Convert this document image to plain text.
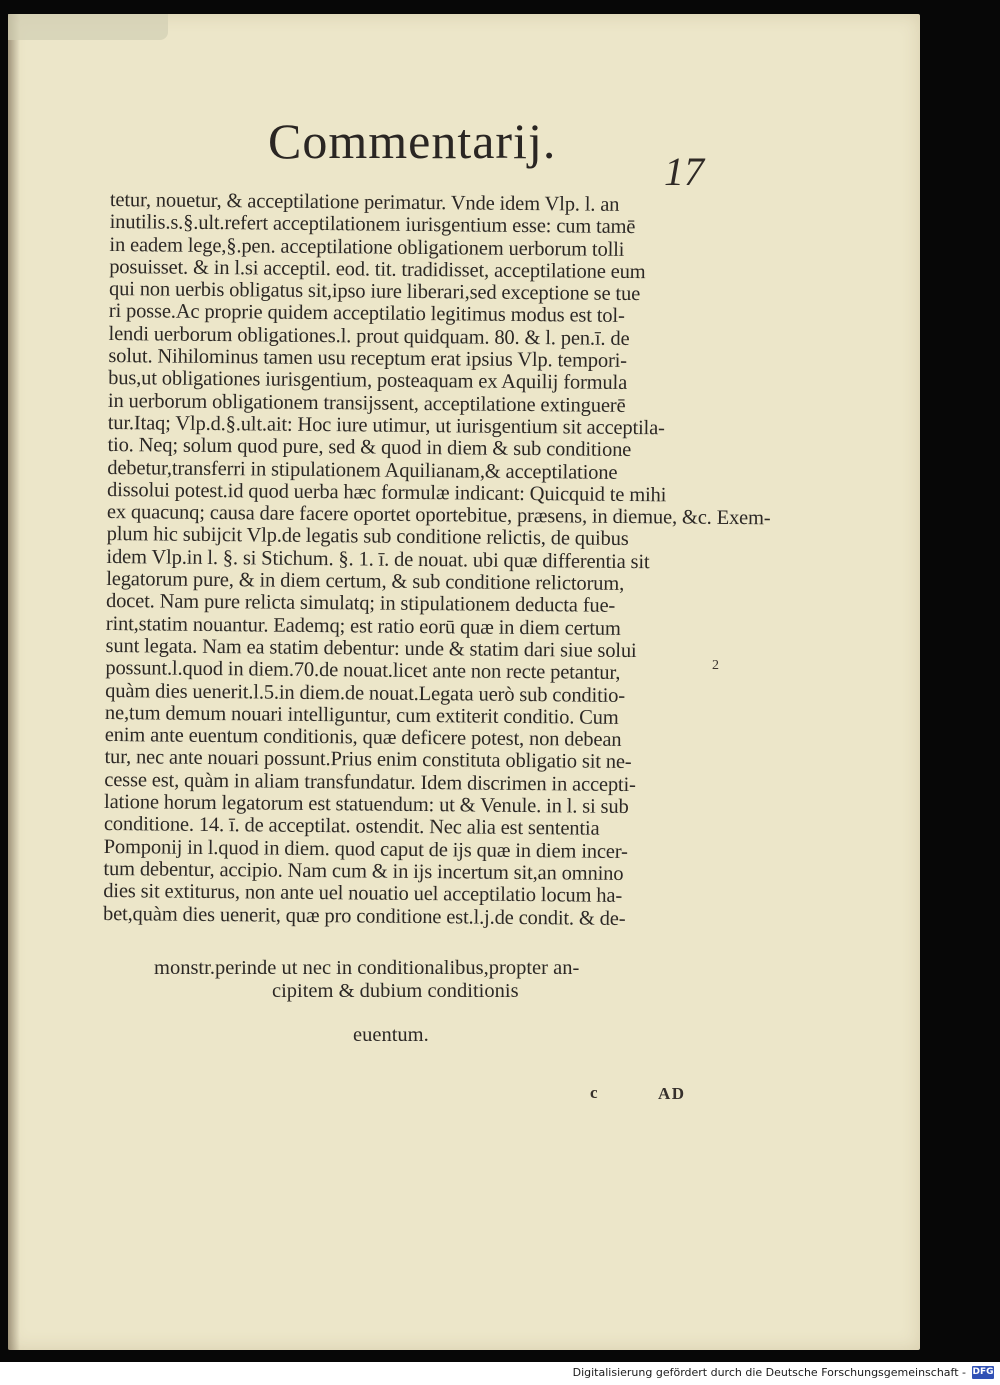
Commentarij.
17
tetur, nouetur, & acceptilatione perimatur. Vnde idem Vlp. l. an
inutilis.s.§.ult.refert acceptilationem iurisgentium esse: cum tamē
in eadem lege,§.pen. acceptilatione obligationem uerborum tolli
posuisset. & in l.si acceptil. eod. tit. tradidisset, acceptilatione eum
qui non uerbis obligatus sit,ipso iure liberari,sed exceptione se tue
ri posse.Ac proprie quidem acceptilatio legitimus modus est tol-
lendi uerborum obligationes.l. prout quidquam. 80. & l. pen.ī. de
solut. Nihilominus tamen usu receptum erat ipsius Vlp. tempori-
bus,ut obligationes iurisgentium, posteaquam ex Aquilij formula
in uerborum obligationem transijssent, acceptilatione extinguerē
tur.Itaq; Vlp.d.§.ult.ait: Hoc iure utimur, ut iurisgentium sit acceptila-
tio. Neq; solum quod pure, sed & quod in diem & sub conditione
debetur,transferri in stipulationem Aquilianam,& acceptilatione
dissolui potest.id quod uerba hæc formulæ indicant: Quicquid te mihi
ex quacunq; causa dare facere oportet oportebitue, præsens, in diemue, &c. Exem-
plum hic subijcit Vlp.de legatis sub conditione relictis, de quibus
idem Vlp.in l. §. si Stichum. §. 1. ī. de nouat. ubi quæ differentia sit
legatorum pure, & in diem certum, & sub conditione relictorum,
docet. Nam pure relicta simulatq; in stipulationem deducta fue-
rint,statim nouantur. Eademq; est ratio eorū quæ in diem certum
sunt legata. Nam ea statim debentur: unde & statim dari siue solui
possunt.l.quod in diem.70.de nouat.licet ante non recte petantur,
quàm dies uenerit.l.5.in diem.de nouat.Legata uerò sub conditio-
ne,tum demum nouari intelliguntur, cum extiterit conditio. Cum
enim ante euentum conditionis, quæ deficere potest, non debean
tur, nec ante nouari possunt.Prius enim constituta obligatio sit ne-
cesse est, quàm in aliam transfundatur. Idem discrimen in accepti-
latione horum legatorum est statuendum: ut & Venule. in l. si sub
conditione. 14. ī. de acceptilat. ostendit. Nec alia est sententia
Pomponij in l.quod in diem. quod caput de ijs quæ in diem incer-
tum debentur, accipio. Nam cum & in ijs incertum sit,an omnino
dies sit extiturus, non ante uel nouatio uel acceptilatio locum ha-
bet,quàm dies uenerit, quæ pro conditione est.l.j.de condit. & de-
monstr.perinde ut nec in conditionalibus,propter an-
cipitem & dubium conditionis
euentum.
2
c	AD
Digitalisierung gefördert durch die Deutsche Forschungsgemeinschaft - DFG
